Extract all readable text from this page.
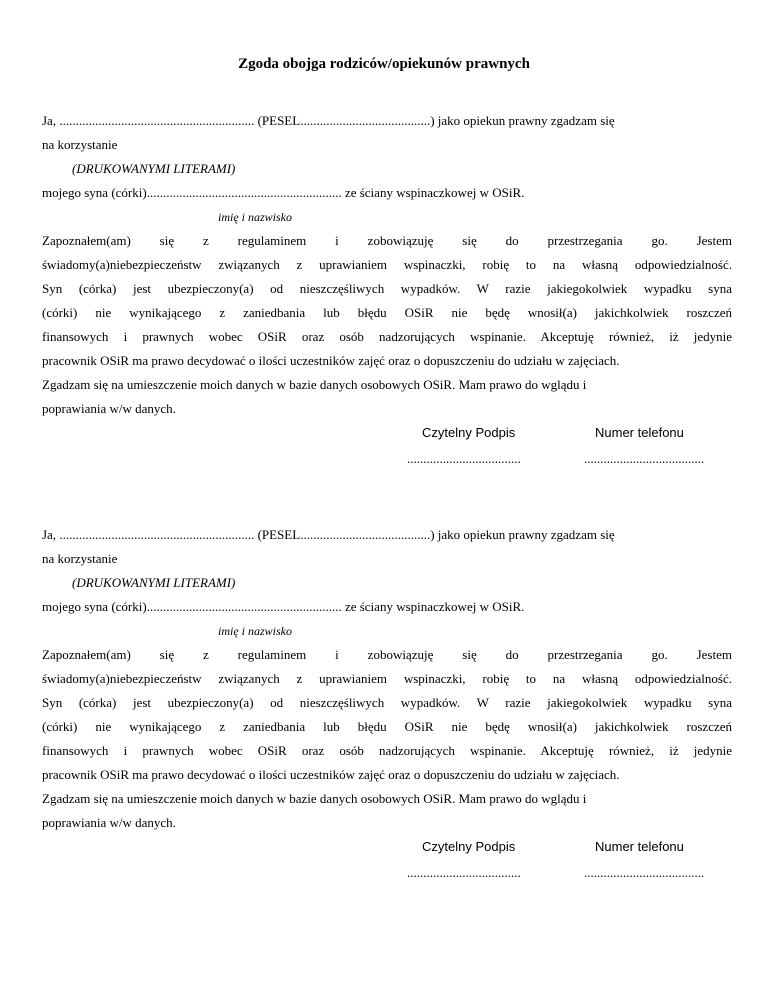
Zgoda obojga rodziców/opiekunów prawnych
Ja, ............................................................ (PESEL........................................) jako opiekun prawny zgadzam się
na korzystanie
(DRUKOWANYMI LITERAMI)
mojego syna (córki)............................................................ ze ściany wspinaczkowej w OSiR.
imię i nazwisko

Zapoznałem(am) się z regulaminem i zobowiązuję się do przestrzegania go. Jestem

świadomy(a)niebezpieczeństw związanych z uprawianiem wspinaczki, robię to na własną odpowiedzialność.

Syn (córka) jest ubezpieczony(a) od nieszczęśliwych wypadków. W razie jakiegokolwiek wypadku syna

(córki) nie wynikającego z zaniedbania lub błędu OSiR nie będę wnosił(a) jakichkolwiek roszczeń

finansowych i prawnych wobec OSiR oraz osób nadzorujących wspinanie. Akceptuję również, iż jedynie

pracownik OSiR ma prawo decydować o ilości uczestników zajęć oraz o dopuszczeniu do udziału w zajęciach.

Zgadzam się na umieszczenie moich danych w bazie danych osobowych OSiR. Mam prawo do wglądu i

poprawiania w/w danych.

Czytelny Podpis	Numer telefonu
...................................	.....................................
Ja, ............................................................ (PESEL........................................) jako opiekun prawny zgadzam się
na korzystanie
(DRUKOWANYMI LITERAMI)
mojego syna (córki)............................................................ ze ściany wspinaczkowej w OSiR.
imię i nazwisko

Zapoznałem(am) się z regulaminem i zobowiązuję się do przestrzegania go. Jestem

świadomy(a)niebezpieczeństw związanych z uprawianiem wspinaczki, robię to na własną odpowiedzialność.

Syn (córka) jest ubezpieczony(a) od nieszczęśliwych wypadków. W razie jakiegokolwiek wypadku syna

(córki) nie wynikającego z zaniedbania lub błędu OSiR nie będę wnosił(a) jakichkolwiek roszczeń

finansowych i prawnych wobec OSiR oraz osób nadzorujących wspinanie. Akceptuję również, iż jedynie

pracownik OSiR ma prawo decydować o ilości uczestników zajęć oraz o dopuszczeniu do udziału w zajęciach.

Zgadzam się na umieszczenie moich danych w bazie danych osobowych OSiR. Mam prawo do wglądu i

poprawiania w/w danych.

Czytelny Podpis	Numer telefonu
...................................	.....................................
